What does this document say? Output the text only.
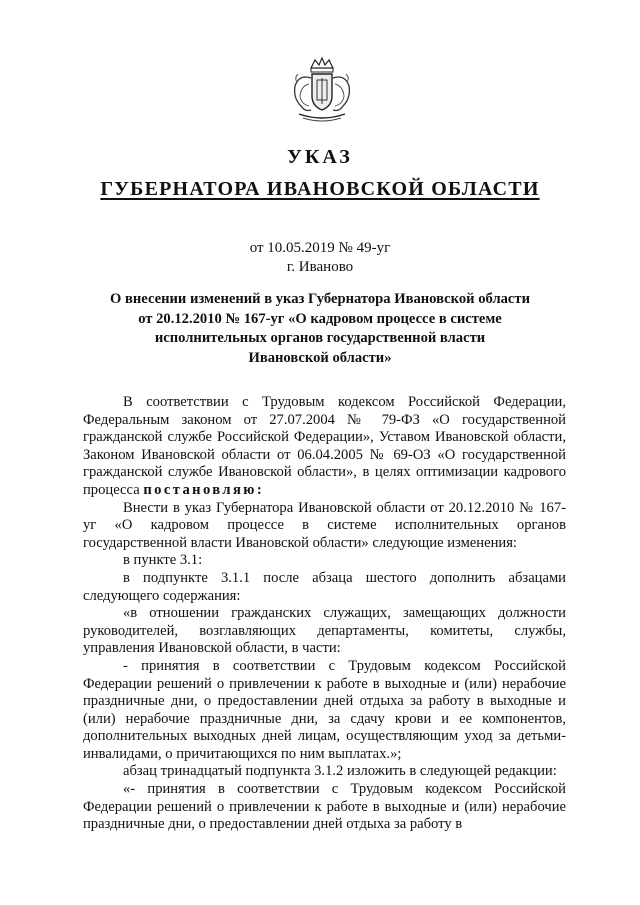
УКАЗ
ГУБЕРНАТОРА ИВАНОВСКОЙ ОБЛАСТИ
от 10.05.2019 № 49-уг
г. Иваново
О внесении изменений в указ Губернатора Ивановской области
от 20.12.2010 № 167-уг «О кадровом процессе в системе
исполнительных органов государственной власти
Ивановской области»

В соответствии с Трудовым кодексом Российской Федерации, Федеральным законом от 27.07.2004 № 79-ФЗ «О государственной гражданской службе Российской Федерации», Уставом Ивановской области, Законом Ивановской области от 06.04.2005 № 69-ОЗ «О государственной гражданской службе Ивановской области», в целях оптимизации кадрового процесса постановляю:

Внести в указ Губернатора Ивановской области от 20.12.2010 № 167-уг «О кадровом процессе в системе исполнительных органов государственной власти Ивановской области» следующие изменения:

в пункте 3.1:

в подпункте 3.1.1 после абзаца шестого дополнить абзацами следующего содержания:

«в отношении гражданских служащих, замещающих должности руководителей, возглавляющих департаменты, комитеты, службы, управления Ивановской области, в части:

- принятия в соответствии с Трудовым кодексом Российской Федерации решений о привлечении к работе в выходные и (или) нерабочие праздничные дни, о предоставлении дней отдыха за работу в выходные и (или) нерабочие праздничные дни, за сдачу крови и ее компонентов, дополнительных выходных дней лицам, осуществляющим уход за детьми-инвалидами, о причитающихся по ним выплатах.»;

абзац тринадцатый подпункта 3.1.2 изложить в следующей редакции:

«- принятия в соответствии с Трудовым кодексом Российской Федерации решений о привлечении к работе в выходные и (или) нерабочие праздничные дни, о предоставлении дней отдыха за работу в
